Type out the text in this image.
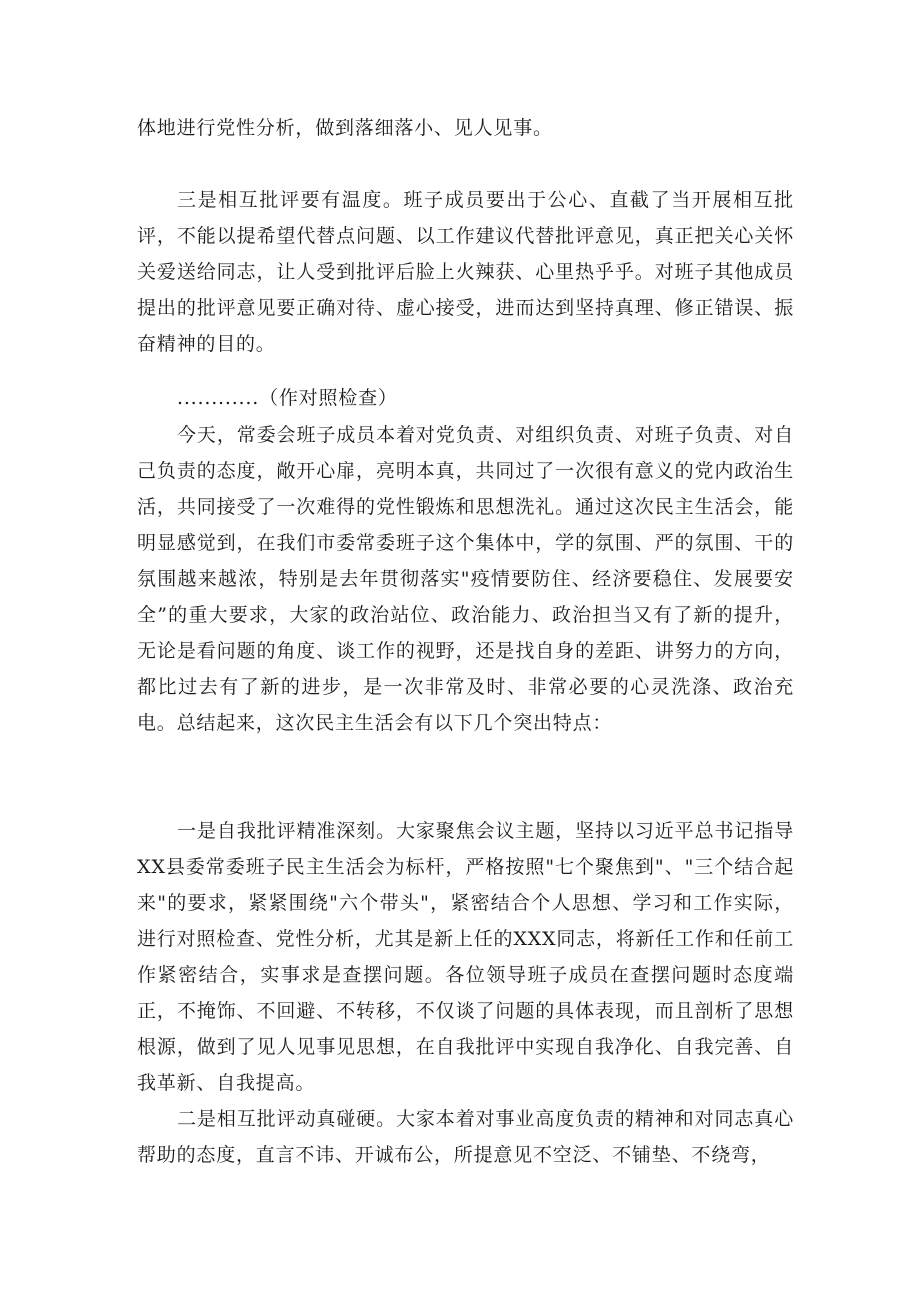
体地进行党性分析，做到落细落小、见人见事。

三是相互批评要有温度。班子成员要出于公心、直截了当开展相互批评，不能以提希望代替点问题、以工作建议代替批评意见，真正把关心关怀关爱送给同志，让人受到批评后脸上火辣获、心里热乎乎。对班子其他成员提出的批评意见要正确对待、虚心接受，进而达到坚持真理、修正错误、振奋精神的目的。

............（作对照检查）

今天，常委会班子成员本着对党负责、对组织负责、对班子负责、对自己负责的态度，敞开心扉，亮明本真，共同过了一次很有意义的党内政治生活，共同接受了一次难得的党性锻炼和思想洗礼。通过这次民主生活会，能明显感觉到，在我们市委常委班子这个集体中，学的氛围、严的氛围、干的氛围越来越浓，特别是去年贯彻落实"疫情要防住、经济要稳住、发展要安全”的重大要求，大家的政治站位、政治能力、政治担当又有了新的提升，无论是看问题的角度、谈工作的视野，还是找自身的差距、讲努力的方向，都比过去有了新的进步，是一次非常及时、非常必要的心灵洗涤、政治充电。总结起来，这次民主生活会有以下几个突出特点：

一是自我批评精准深刻。大家聚焦会议主题，坚持以习近平总书记指导XX县委常委班子民主生活会为标杆，严格按照"七个聚焦到"、"三个结合起来"的要求，紧紧围绕"六个带头"，紧密结合个人思想、学习和工作实际，进行对照检查、党性分析，尤其是新上任的XXX同志，将新任工作和任前工作紧密结合，实事求是查摆问题。各位领导班子成员在查摆问题时态度端正，不掩饰、不回避、不转移，不仅谈了问题的具体表现，而且剖析了思想根源，做到了见人见事见思想，在自我批评中实现自我净化、自我完善、自我革新、自我提高。

二是相互批评动真碰硬。大家本着对事业高度负责的精神和对同志真心帮助的态度，直言不讳、开诚布公，所提意见不空泛、不铺垫、不绕弯，
